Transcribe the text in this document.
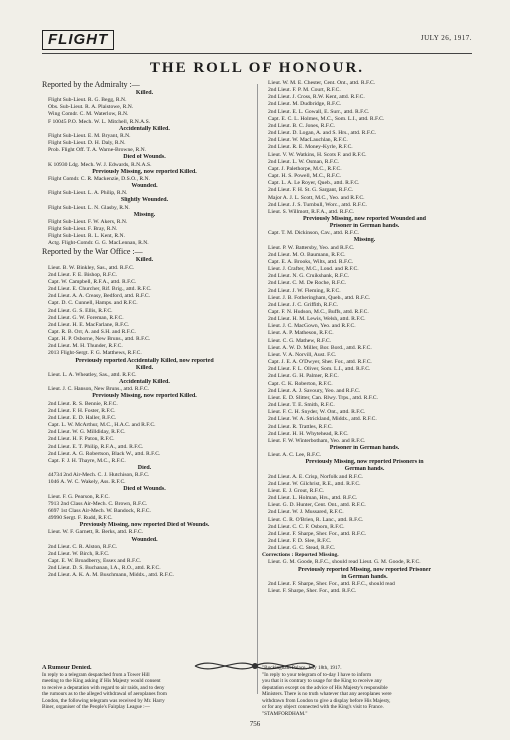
FLIGHT	JULY 26, 1917.
THE ROLL OF HONOUR.
Reported by the Admiralty :—
Killed.
Flight Sub-Lieut. R. G. Begg, R.N.
Obs. Sub-Lieut. R. A. Plaistowe, R.N.
Wing Comdr. C. M. Waterlow, R.N.
F 10045 P.O. Mech. W. L. Mitchell, R.N.A.S.
Accidentally Killed.
Flight Sub-Lieut. E. M. Bryant, R.N.
Flight Sub-Lieut. D. H. Daly, R.N.
Prob. Flight Off. T. A. Warne-Browne, R.N.
Died of Wounds.
K 10930 Ldg. Mech. W. J. Edwards, R.N.A.S.
Previously Missing, now reported Killed.
Flight Comdr. C. R. Mackenzie, D.S.O., R.N.
Wounded.
Flight Sub-Lieut. L. A. Philip, R.N.
Slightly Wounded.
Flight Sub-Lieut. L. N. Glasby, R.N.
Missing.
Flight Sub-Lieut. F. W. Akers, R.N.
Flight Sub-Lieut. F. Bray, R.N.
Flight Sub-Lieut. R. L. Kent, R.N.
Actg. Flight-Comdr. G. G. MacLennan, R.N.
Reported by the War Office :—
Killed.
Lieut. B. W. Binkley, Sas., attd. R.F.C.
2nd Lieut. F. E. Bishop, R.F.C.
Capt. W. Campbell, R.F.A., attd. R.F.C.
2nd Lieut. E. Churcher, Rif. Brig., attd. R.F.C.
2nd Lieut. A. A. Creasy, Bedford, attd. R.F.C.
Capt. D. C. Cunnell, Hamps. and R.F.C.
2nd Lieut. G. S. Ellis, R.F.C.
2nd Lieut. G. W. Foreman, R.F.C.
2nd Lieut. H. E. MacFarlane, R.F.C.
Capt. R. B. Orr, A. and S.H. and R.F.C.
Capt. H. P. Osborne, New Bruns., attd. R.F.C.
2nd Lieut. M. H. Thunder, R.F.C.
2013 Flight-Sergt. F. G. Matthews, R.F.C.
Previously reported Accidentally Killed, now reported
Killed.
Lieut. L. A. Wheatley, Sas., attd. R.F.C.
Accidentally Killed.
Lieut. J. C. Hanson, New Bruns., attd. R.F.C.
Previously Missing, now reported Killed.
2nd Lieut. R. S. Bennie, R.F.C.
2nd Lieut. F. H. Foster, R.F.C.
2nd Lieut. E. D. Haller, R.F.C.
Capt. L. W. McArthur, M.C., H.A.C. and R.F.C.
2nd Lieut. W. G. Milldiday, R.F.C.
2nd Lieut. H. F. Paton, R.F.C.
2nd Lieut. E. T. Philip, R.F.A., attd. R.F.C.
2nd Lieut. A. G. Robertson, Black W., attd. R.F.C.
Capt. F. J. H. Thayre, M.C., R.F.C.
Died.
44734 2nd Air-Mech. C. J. Hutchison, R.F.C.
1046 A. W. C. Wakely, Ass. R.F.C.
Died of Wounds.
Lieut. F. G. Pearson, R.F.C.
7913 2nd Class Air-Mech. C. Brown, R.F.C.
6697 1st Class Air-Mech. W. Bandock, R.F.C.
49990 Sergt. F. Rudd, R.F.C.
Previously Missing, now reported Died of Wounds.
Lieut. W. F. Garnett, R. Berks, attd. R.F.C.
Wounded.
2nd Lieut. C. R. Alston, R.F.C.
2nd Lieut. W. Birch, R.F.C.
Capt. E. W. Broadberry, Essex and R.F.C.
2nd Lieut. D. S. Buchanan, I.A., R.O., attd. R.F.C.
2nd Lieut. A. K. A. M. Buschmann, Middx., attd. R.F.C.
Lieut. W. M. E. Chester, Cent. Ont., attd. R.F.C.
2nd Lieut. F. P. M. Court, R.F.C.
2nd Lieut. J. Cross, R.W. Kent, attd. R.F.C.
2nd Lieut. M. Dudbridge, R.F.C.
2nd Lieut. E. L. Gowall, E. Surr., attd. R.F.C.
Capt. E. C. L. Holmes, M.C., Som. L.I., attd. R.F.C.
2nd Lieut. B. C. Jones, R.F.C.
2nd Lieut. D. Logan, A. and S. Hrs., attd. R.F.C.
2nd Lieut. W. MacLauchlan, R.F.C.
2nd Lieut. R. E. Money-Kyrle, R.F.C.
Lieut. V. W. Watkins, H. Scots F. and R.F.C.
2nd Lieut. L. W. Osman, R.F.C.
Capt. J. Palethorpe, M.C., R.F.C.
Capt. H. S. Powell, M.C., R.F.C.
Capt. L. A. Le Royer, Queb., attd. R.F.C.
2nd Lieut. F. H. St. G. Sargant, R.F.C.
Major A. J. L. Scott, M.C., Yeo. and R.F.C.
2nd Lieut. J. S. Turnbull, Worc., attd. R.F.C.
Lieut. S. Willmott, R.F.A., attd. R.F.C.
Previously Missing, now reported Wounded and
Prisoner in German hands.
Capt. T. M. Dickinson, Cav., attd. R.F.C.
Missing.
Lieut. P. W. Battersby, Yeo. and R.F.C.
2nd Lieut. M. O. Baumann, R.F.C.
Capt. E. A. Brooks, Wilts, attd. R.F.C.
Lieut. J. Crafter, M.C., Lond. and R.F.C.
2nd Lieut. N. G. Cruikshank, R.F.C.
2nd Lieut. C. M. De Roche, R.F.C.
2nd Lieut. J. W. Fleming, R.F.C.
Lieut. J. B. Fotheringham, Queb., attd. R.F.C.
2nd Lieut. J. C. Griffith, R.F.C.
Capt. F. N. Hudson, M.C., Buffs, attd. R.F.C.
2nd Lieut. H. M. Lewis, Welsh, attd. R.F.C.
Lieut. J. C. MacGown, Yeo. and R.F.C.
Lieut. A. P. Matheson, R.F.C.
Lieut. C. G. Mathew, R.F.C.
Lieut. A. W. D. Miller, Bor. Bord., attd. R.F.C.
Lieut. V. A. Norvill, Aust. F.C.
Capt. J. E. A. O'Dwyer, Sher. For., attd. R.F.C.
2nd Lieut. F. L. Oliver, Som. L.I., attd. R.F.C.
2nd Lieut. G. H. Palmer, R.F.C.
Capt. C. K. Roberton, R.F.C.
2nd Lieut. A. J. Savoury, Yeo. and R.F.C.
Lieut. E. D. Slitter, Can. Rlwy. Trps., attd. R.F.C.
2nd Lieut. T. E. Smith, R.F.C.
Lieut. F. C. H. Snyder, W. Ont., attd. R.F.C.
2nd Lieut. W. A. Strickland, Middx., attd. R.F.C.
2nd Lieut. R. Trattles, R.F.C.
2nd Lieut. H. H. Whytehead, R.F.C.
Lieut. F. W. Winterbotham, Yeo. and R.F.C.
Prisoner in German hands.
Lieut. A. C. Lee, R.F.C.
Previously Missing, now reported Prisoners in
German hands.
2nd Lieut. A. E. Crisp, Norfolk and R.F.C.
2nd Lieut. W. Gilchrist, R.E., attd. R.F.C.
Lieut. E. J. Grout, R.F.C.
2nd Lieut. L. Holman, Hrs., attd. R.F.C.
Lieut. G. D. Hunter, Cent. Ont., attd. R.F.C.
2nd Lieut. W. J. Mussared, R.F.C.
Lieut. C. R. O'Brien, R. Lanc., attd. R.F.C.
2nd Lieut. C. C. F. Osborn, R.F.C.
2nd Lieut. F. Sharpe, Sher. For., attd. R.F.C.
2nd Lieut. F. D. Slee, R.F.C.
2nd Lieut. G. C. Stead, R.F.C.
Corrections : Reported Missing.
Lieut. G. M. Goode, R.F.C., should read Lieut. G. M. Goode, R.F.C.
Previously reported Missing, now reported Prisoner
in German hands.
2nd Lieut. F. Sharpe, Sher. For., attd. R.F.C., should read
Lieut. F. Sharpe, Sher. For., attd. R.F.C.
A Rumour Denied.
In reply to a telegram despatched from a Tower Hill
meeting to the King asking if His Majesty would consent
to receive a deputation with regard to air raids, and to deny
the rumours as to the alleged withdrawal of aeroplanes from
London, the following telegram was received by Mr. Harry
Biner, organiser of the People's Fairplay League :—
"Buckingham Palace, July 18th, 1917.
"In reply to your telegram of to-day I have to inform
you that it is contrary to usage for the King to receive any
deputation except on the advice of His Majesty's responsible
Ministers. There is no truth whatever that any aeroplanes were
withdrawn from London to give a display before His Majesty,
or for any object connected with the King's visit to France.
"STAMFORDHAM."
756
